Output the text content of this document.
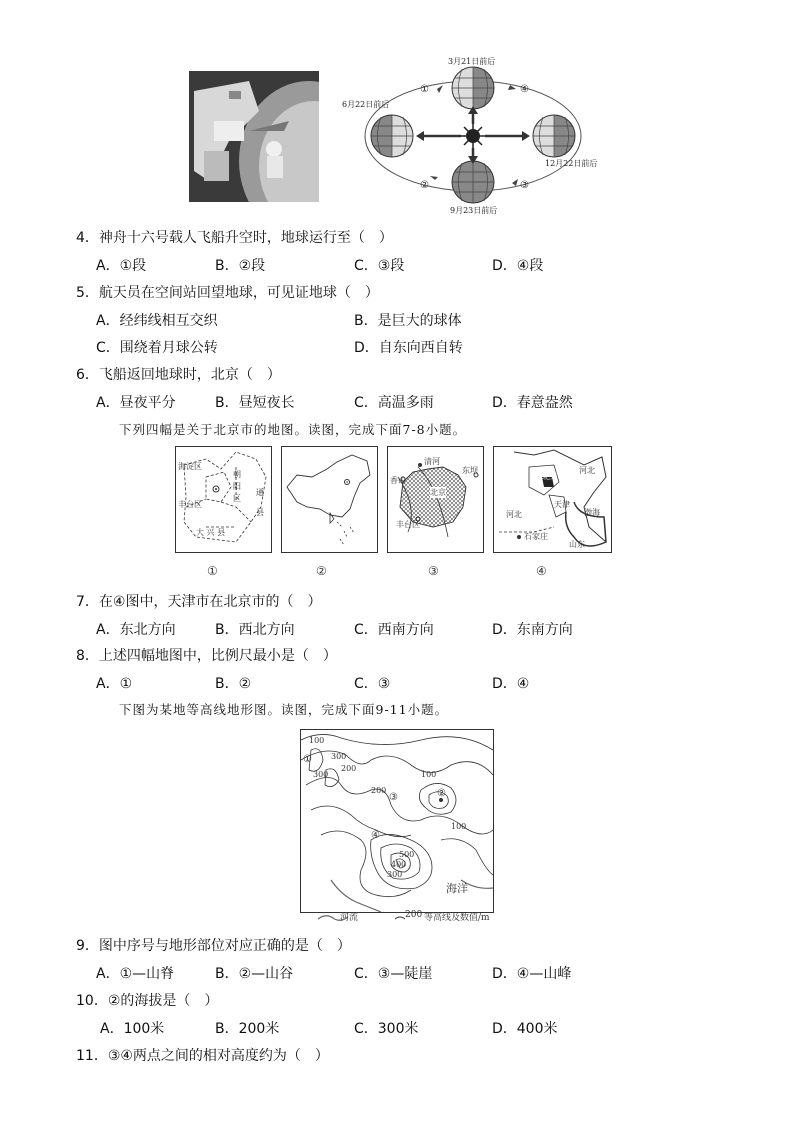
3月21日前后
6月22日前后
12月22日前后
9月23日前后
①
②	③
④
4．神舟十六号载人飞船升空时，地球运行至（　）
A．①段	B．②段	C．③段	D．④段
5．航天员在空间站回望地球，可见证地球（　）
A．经纬线相互交织	B．是巨大的球体
C．围绕着月球公转	D．自东向西自转
6．飞船返回地球时，北京（　）
A．昼夜平分	B．昼短夜长	C．高温多雨	D．春意盎然
下列四幅是关于北京市的地图。读图，完成下面7-8小题。
海淀区
朝
阳
区
丰台区
通
县
大 兴 县
清河
东坝
香山
北京
丰台区
北京
天津
河北
河北	渤海
石家庄
山东
①	②	③	④
7．在④图中，天津市在北京市的（　）
A．东北方向	B．西北方向	C．西南方向	D．东南方向
8．上述四幅地图中，比例尺最小是（　）
A．①	B．②	C．③	D．④
下图为某地等高线地形图。读图，完成下面9-11小题。
100
200
300
300
100
100
200
300
400
500
①
②
③
④
海洋
河流	200 等高线及数值/m
9．图中序号与地形部位对应正确的是（　）
A．①—山脊	B．②—山谷	C．③—陡崖	D．④—山峰
10．②的海拔是（　）
A．100米	B．200米	C．300米	D．400米
11．③④两点之间的相对高度约为（　）
